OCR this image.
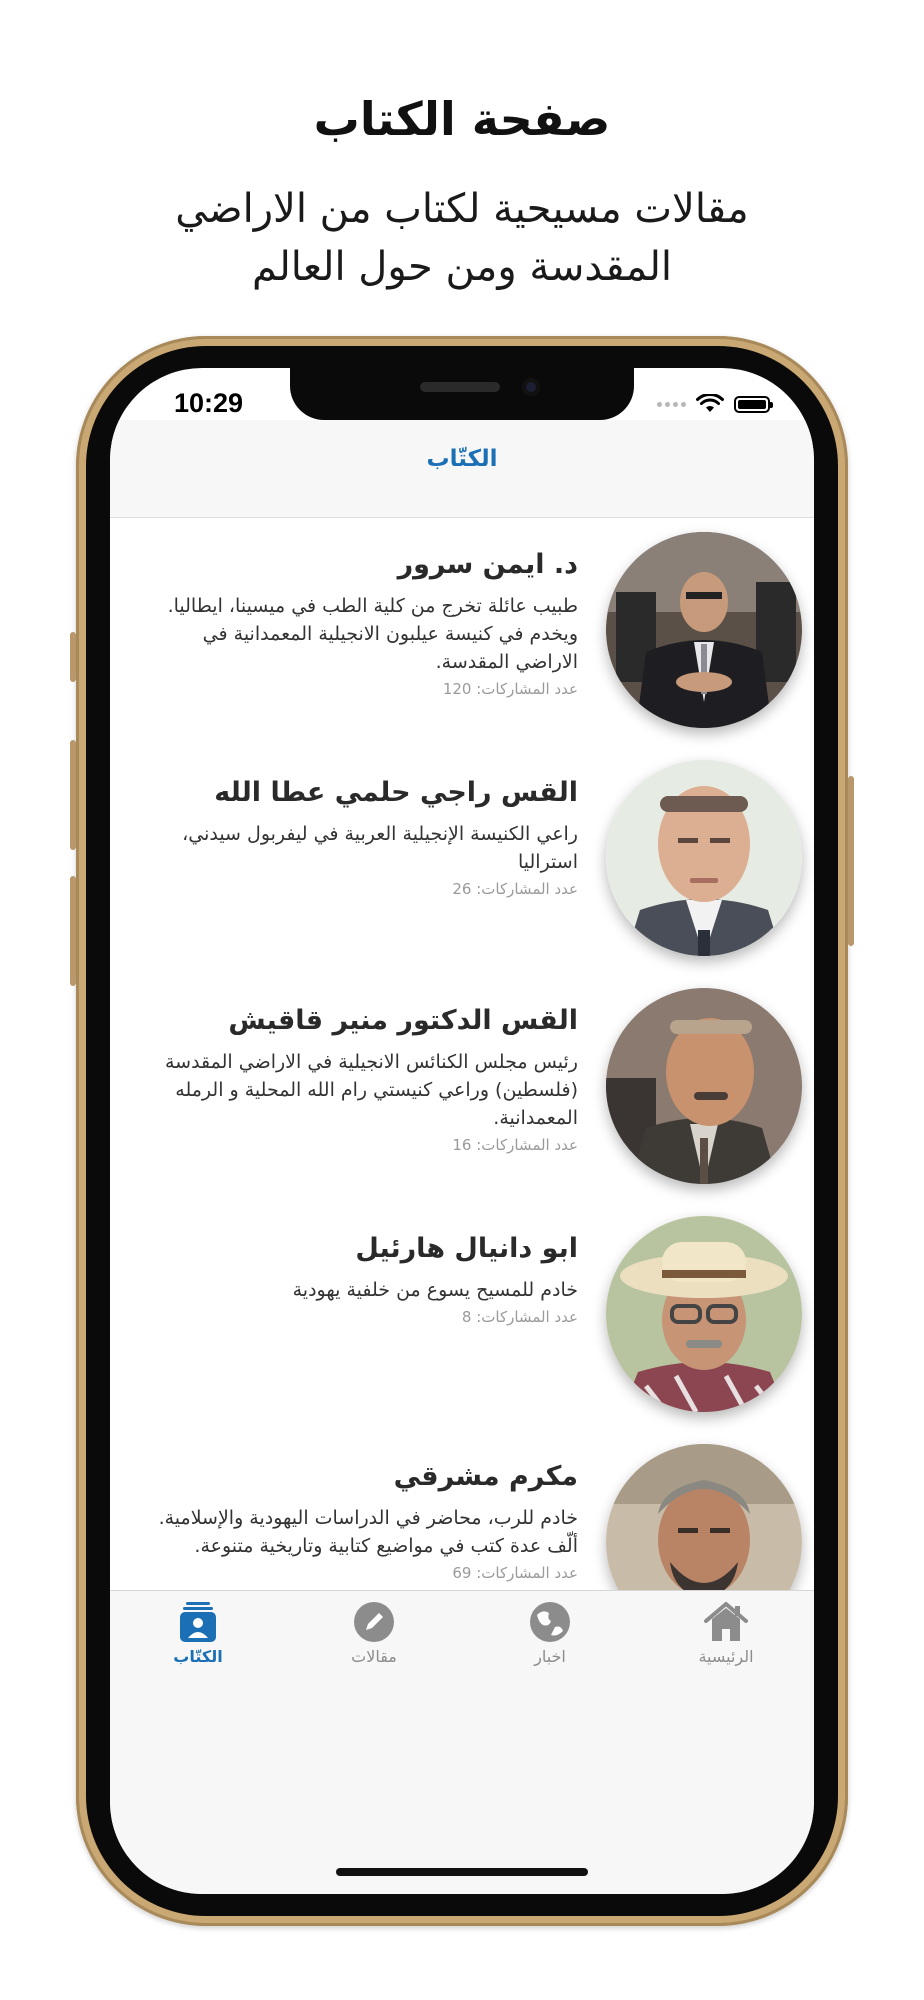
صفحة الكتاب

مقالات مسيحية لكتاب من الاراضي المقدسة ومن حول العالم

10:29
الكتّاب

د. ايمن سرور

طبيب عائلة تخرج من كلية الطب في ميسينا، ايطاليا. ويخدم في كنيسة عيلبون الانجيلية المعمدانية في الاراضي المقدسة.

عدد المشاركات: 120

القس راجي حلمي عطا الله

راعي الكنيسة الإنجيلية العربية في ليفربول سيدني، استراليا

عدد المشاركات: 26

القس الدكتور منير قاقيش

رئيس مجلس الكنائس الانجيلية في الاراضي المقدسة (فلسطين) وراعي كنيستي رام الله المحلية و الرمله المعمدانية.

عدد المشاركات: 16

ابو دانيال هارئيل

خادم للمسيح يسوع من خلفية يهودية

عدد المشاركات: 8

مكرم مشرقي

خادم للرب، محاضر في الدراسات اليهودية والإسلامية. ألّف عدة كتب في مواضيع كتابية وتاريخية متنوعة.

عدد المشاركات: 69
الكتّاب	مقالات	اخبار	الرئيسية
